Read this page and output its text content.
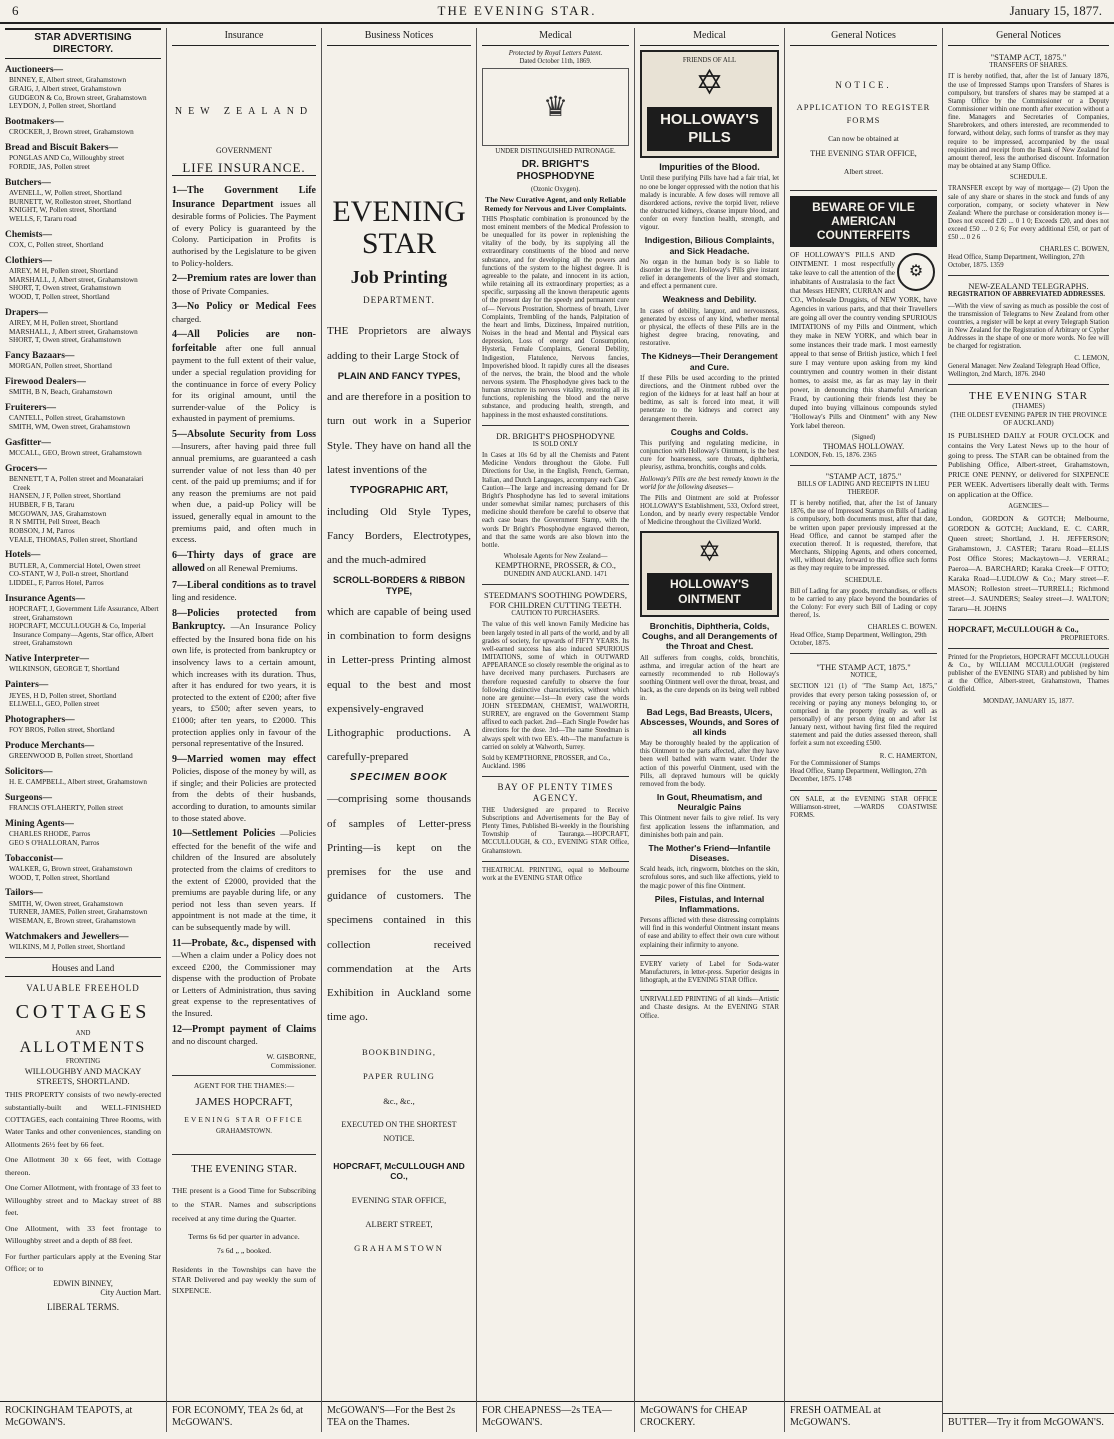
6	THE EVENING STAR.	January 15, 1877.
STAR ADVERTISING DIRECTORY.
Auctioneers—
BINNEY, E, Albert street, Grahamstown
GRAIG, J, Albert street, Grahamstown
GUDGEON & Co, Brown street, Grahamstown
LEYDON, J, Pollen street, Shortland
Bootmakers—
CROCKER, J, Brown street, Grahamstown
Bread and Biscuit Bakers—
PONGLAS AND Co, Willoughby street
FORDIE, JAS, Pollen street
Butchers—
AVENELL, W, Pollen street, Shortland
BURNETT, W, Rolleston street, Shortland
KNIGHT, W, Pollen street, Shortland
WELLS, F, Tararu road
Chemists—
COX, C, Pollen street, Shortland
Clothiers—
AIREY, M H, Pollen street, Shortland
MARSHALL, J, Albert street, Grahamstown
SHORT, T, Owen street, Grahamstown
WOOD, T, Pollen street, Shortland
Drapers—
AIREY, M H, Pollen street, Shortland
MARSHALL, J, Albert street, Grahamstown
SHORT, T, Owen street, Grahamstown
Fancy Bazaars—
MORGAN, Pollen street, Shortland
Firewood Dealers—
SMITH, B N, Beach, Grahamstown
Fruiterers—
CANTELL, Pollen street, Grahamstown
SMITH, WM, Owen street, Grahamstown
Gasfitter—
MCCALL, GEO, Brown street, Grahamstown
Grocers—
BENNETT, T A, Pollen street and Moanataiari Creek
HANSEN, J F, Pollen street, Shortland
HUBBER, F B, Tararu
MCGOWAN, JAS, Grahamstown
R N SMITH, Pell Street, Beach
ROBSON, J M, Parros
VEALE, THOMAS, Pollen street, Shortland
Hotels—
BUTLER, A, Commercial Hotel, Owen street
CO-STANT, W J, Poll-n street, Shortland
LIDDEL, F, Parros Hotel, Parros
Insurance Agents—
HOPCRAFT, J, Government Life Assurance, Albert street, Grahamstown
HOPCRAFT, MCCULLOUGH & Co, Imperial Insurance Company—Agents, Star office, Albert street, Grahamstown
Native Interpreter—
WILKINSON, GEORGE T, Shortland
Painters—
JEYES, H D, Pollen street, Shortland
ELLWELL, GEO, Pollen street
Photographers—
FOY BROS, Pollen street, Shortland
Produce Merchants—
GREENWOOD B, Pollen street, Shortland
Solicitors—
H. E. CAMPBELL, Albert street, Grahamstown
Surgeons—
FRANCIS O'FLAHERTY, Pollen street
Mining Agents—
CHARLES RHODE, Parros
GEO S O'HALLORAN, Parros
Tobacconist—
WALKER, G, Brown street, Grahamstown
WOOD, T, Pollen street, Shortland
Tailors—
SMITH, W, Owen street, Grahamstown
TURNER, JAMES, Pollen street, Grahamstown
WISEMAN, E, Brown street, Grahamstown
Watchmakers and Jewellers—
WILKINS, M J, Pollen street, Shortland
Houses and Land
VALUABLE FREEHOLD
COTTAGES
AND
ALLOTMENTS
FRONTING
WILLOUGHBY AND MACKAY
STREETS, SHORTLAND.

THIS PROPERTY consists of two newly-erected substantially-built and WELL-FINISHED COTTAGES, each containing Three Rooms, with Water Tanks and other conveniences, standing on Allotments 26½ feet by 66 feet.

One Allotment 30 x 66 feet, with Cottage thereon.

One Corner Allotment, with frontage of 33 feet to Willoughby street and to Mackay street of 88 feet.

One Allotment, with 33 feet frontage to Willoughby street and a depth of 88 feet.

For further particulars apply at the Evening Star Office; or to

EDWIN BINNEY,
City Auction Mart.
LIBERAL TERMS.
ROCKINGHAM TEAPOTS, at McGOWAN'S.
Insurance
NEW ZEALAND
GOVERNMENT
LIFE INSURANCE.

1—The Government Life Insurance Department issues all desirable forms of Policies. The Payment of every Policy is guaranteed by the Colony. Participation in Profits is authorised by the Legislature to be given to Policy-holders.

2—Premium rates are lower than those of Private Companies.

3—No Policy or Medical Fees charged.

4—All Policies are non-forfeitable after one full annual payment to the full extent of their value, under a special regulation providing for the continuance in force of every Policy for its original amount, until the surrender-value of the Policy is exhausted in payment of premiums.

5—Absolute Security from Loss —Insurers, after having paid three full annual premiums, are guaranteed a cash surrender value of not less than 40 per cent. of the paid up premiums; and if for any reason the premiums are not paid when due, a paid-up Policy will be issued, generally equal in amount to the premiums paid, and often much in excess.

6—Thirty days of grace are allowed on all Renewal Premiums.

7—Liberal conditions as to travel ling and residence.

8—Policies protected from Bankruptcy. —An Insurance Policy effected by the Insured bona fide on his own life, is protected from bankruptcy or insolvency laws to a certain amount, which increases with its duration. Thus, after it has endured for two years, it is protected to the extent of £200; after five years, to £500; after seven years, to £1000; after ten years, to £2000. This protection applies only in favour of the personal representative of the Insured.

9—Married women may effect Policies, dispose of the money by will, as if single; and their Policies are protected from the debts of their husbands, according to duration, to amounts similar to those stated above.

10—Settlement Policies —Policies effected for the benefit of the wife and children of the Insured are absolutely protected from the claims of creditors to the extent of £2000, provided that the premiums are payable during life, or any period not less than seven years. If appointment is not made at the time, it can be subsequently made by will.

11—Probate, &c., dispensed with —When a claim under a Policy does not exceed £200, the Commissioner may dispense with the production of Probate or Letters of Administration, thus saving great expense to the representatives of the Insured.

12—Prompt payment of Claims and no discount charged.

W. GISBORNE,
Commissioner.
AGENT FOR THE THAMES:—
JAMES HOPCRAFT,
EVENING STAR OFFICE
GRAHAMSTOWN.
THE EVENING STAR.

THE present is a Good Time for Subscribing to the STAR. Names and subscriptions received at any time during the Quarter.

Terms 6s 6d per quarter in advance.
7s 6d „ „ booked.

Residents in the Townships can have the STAR Delivered and pay weekly the sum of SIXPENCE.

FOR ECONOMY, TEA 2s 6d, at McGOWAN'S.
Business Notices
EVENING STAR
Job Printing
DEPARTMENT.

THE Proprietors are always adding to their Large Stock of

PLAIN AND FANCY TYPES,

and are therefore in a position to turn out work in a Superior Style. They have on hand all the latest inventions of the

TYPOGRAPHIC ART,

including Old Style Types, Fancy Borders, Electrotypes, and the much-admired

SCROLL-BORDERS & RIBBON TYPE,

which are capable of being used in combination to form designs in Letter-press Printing almost equal to the best and most expensively-engraved Lithographic productions. A carefully-prepared

SPECIMEN BOOK

—comprising some thousands of samples of Letter-press Printing—is kept on the premises for the use and guidance of customers. The specimens contained in this collection received commendation at the Arts Exhibition in Auckland some time ago.

BOOKBINDING,
PAPER RULING
&c., &c.,
EXECUTED ON THE SHORTEST NOTICE.
HOPCRAFT, McCULLOUGH AND CO.,
EVENING STAR OFFICE,
ALBERT STREET,
GRAHAMSTOWN
McGOWAN'S—For the Best 2s TEA on the Thames.
Medical
Protected by Royal Letters Patent.
Dated October 11th, 1869.
♛
UNDER DISTINGUISHED PATRONAGE.
DR. BRIGHT'S PHOSPHODYNE
(Ozonic Oxygen).
The New Curative Agent, and only Reliable Remedy for Nervous and Liver Complaints.

THIS Phosphatic combination is pronounced by the most eminent members of the Medical Profession to be unequalled for its power in replenishing the vitality of the body, by its supplying all the extraordinary constituents of the blood and nerve substance, and for developing all the powers and functions of the system to the highest degree. It is agreeable to the palate, and innocent in its action, while retaining all its extraordinary properties; as a specific, surpassing all the known therapeutic agents of the present day for the speedy and permanent cure of— Nervous Prostration, Shortness of breath, Liver Complaints, Trembling of the hands, Palpitation of the heart and limbs, Dizziness, Impaired nutrition, Noises in the head and Mental and Physical ears depression, Loss of energy and Consumption, Hysteria, Female Complaints, General Debility, Indigestion, Flatulence, Nervous fancies, Impoverished blood. It rapidly cures all the diseases of the nerves, the brain, the blood and the whole nervous system. The Phosphodyne gives back to the human structure its nervous vitality, restoring all its functions, replenishing the blood and the nerve substance, and producing health, strength, and happiness in the most exhausted constitutions.

DR. BRIGHT'S PHOSPHODYNE
IS SOLD ONLY

In Cases at 10s 6d by all the Chemists and Patent Medicine Vendors throughout the Globe. Full Directions for Use, in the English, French, German, Italian, and Dutch Languages, accompany each Case. Caution—The large and increasing demand for Dr Bright's Phosphodyne has led to several imitations under somewhat similar names; purchasers of this medicine should therefore be careful to observe that each case bears the Government Stamp, with the words Dr Bright's Phosphodyne engraved thereon, and that the same words are also blown into the bottle.

Wholesale Agents for New Zealand—
KEMPTHORNE, PROSSER, & CO.,
DUNEDIN AND AUCKLAND. 1471
STEEDMAN'S SOOTHING POWDERS, FOR CHILDREN CUTTING TEETH.
CAUTION TO PURCHASERS.

The value of this well known Family Medicine has been largely tested in all parts of the world, and by all grades of society, for upwards of FIFTY YEARS. Its well-earned success has also induced SPURIOUS IMITATIONS, some of which in OUTWARD APPEARANCE so closely resemble the original as to have deceived many purchasers. Purchasers are therefore requested carefully to observe the four following distinctive characteristics, without which none are genuine:—1st—In every case the words JOHN STEEDMAN, CHEMIST, WALWORTH, SURREY, are engraved on the Government Stamp affixed to each packet. 2nd—Each Single Powder has directions for the dose. 3rd—The name Steedman is always spelt with two EE's. 4th—The manufacture is carried on solely at Walworth, Surrey.

Sold by KEMPTHORNE, PROSSER, and Co., Auckland. 1986
BAY OF PLENTY TIMES AGENCY.

THE Undersigned are prepared to Receive Subscriptions and Advertisements for the Bay of Plenty Times, Published Bi-weekly in the flourishing Township of Tauranga.—HOPCRAFT, MCCULLOUGH, & CO., EVENING STAR Office, Grahamstown.

THEATRICAL PRINTING, equal to Melbourne work at the EVENING STAR Office

FOR CHEAPNESS—2s TEA—McGOWAN'S.
Medical
FRIENDS OF ALL
✡
HOLLOWAY'S PILLS
Impurities of the Blood.

Until these purifying Pills have had a fair trial, let no one be longer oppressed with the notion that his malady is incurable. A few doses will remove all disordered actions, revive the torpid liver, relieve the obstructed kidneys, cleanse impure blood, and confer on every function health, strength, and vigour.

Indigestion, Bilious Complaints, and Sick Headache.

No organ in the human body is so liable to disorder as the liver. Holloway's Pills give instant relief in derangements of the liver and stomach, and effect a permanent cure.

Weakness and Debility.

In cases of debility, languor, and nervousness, generated by excess of any kind, whether mental or physical, the effects of these Pills are in the highest degree bracing, renovating, and restorative.

The Kidneys—Their Derangement and Cure.

If these Pills be used according to the printed directions, and the Ointment rubbed over the region of the kidneys for at least half an hour at bedtime, as salt is forced into meat, it will penetrate to the kidneys and correct any derangement therein.

Coughs and Colds.

This purifying and regulating medicine, in conjunction with Holloway's Ointment, is the best cure for hoarseness, sore throats, diphtheria, pleurisy, asthma, bronchitis, coughs and colds.

Holloway's Pills are the best remedy known in the world for the following diseases—

The Pills and Ointment are sold at Professor HOLLOWAY'S Establishment, 533, Oxford street, London, and by nearly every respectable Vendor of Medicine throughout the Civilized World.

✡
HOLLOWAY'S OINTMENT
Bronchitis, Diphtheria, Colds, Coughs, and all Derangements of the Throat and Chest.

All sufferers from coughs, colds, bronchitis, asthma, and irregular action of the heart are earnestly recommended to rub Holloway's soothing Ointment well over the throat, breast, and back, as the cure depends on its being well rubbed in.

Bad Legs, Bad Breasts, Ulcers, Abscesses, Wounds, and Sores of all kinds

May be thoroughly healed by the application of this Ointment to the parts affected, after they have been well bathed with warm water. Under the action of this powerful Ointment, used with the Pills, all depraved humours will be quickly removed from the body.

In Gout, Rheumatism, and Neuralgic Pains

This Ointment never fails to give relief. Its very first application lessens the inflammation, and diminishes both pain and pain.

The Mother's Friend—Infantile Diseases.

Scald heads, itch, ringworm, blotches on the skin, scrofulous sores, and such like affections, yield to the magic power of this fine Ointment.

Piles, Fistulas, and Internal Inflammations.

Persons afflicted with these distressing complaints will find in this wonderful Ointment instant means of ease and ability to effect their own cure without explaining their infirmity to anyone.

EVERY variety of Label for Soda-water Manufacturers, in letter-press. Superior designs in lithograph, at the EVENING STAR Office.

UNRIVALLED PRINTING of all kinds—Artistic and Chaste designs. At the EVENING STAR Office.

McGOWAN'S for CHEAP CROCKERY.
General Notices
NOTICE.
APPLICATION TO REGISTER FORMS
Can now be obtained at
THE EVENING STAR OFFICE,
Albert street.
BEWARE OF VILE AMERICAN COUNTERFEITS
⚙

OF HOLLOWAY'S PILLS AND OINTMENT. I most respectfully take leave to call the attention of the inhabitants of Australasia to the fact that Messrs HENRY, CURRAN and CO., Wholesale Druggists, of NEW YORK, have Agencies in various parts, and that their Travellers are going all over the country vending SPURIOUS IMITATIONS of my Pills and Ointment, which they make in NEW YORK, and which bear in some instances their trade mark. I most earnestly appeal to that sense of British justice, which I feel sure I may venture upon asking from my kind countrymen and country women in their distant homes, to assist me, as far as may lay in their power, in denouncing this shameful American Fraud, by cautioning their friends lest they be duped into buying villainous compounds styled "Holloway's Pills and Ointment" with any New York label thereon.

(Signed)
THOMAS HOLLOWAY.
LONDON, Feb. 15, 1876. 2365
"STAMP ACT, 1875."
BILLS OF LADING AND RECEIPTS IN LIEU THEREOF.

IT is hereby notified, that, after the 1st of January 1876, the use of Impressed Stamps on Bills of Lading is compulsory, both documents must, after that date, be written upon paper previously impressed at the Head Office, and cannot be stamped after the execution thereof. It is requested, therefore, that Merchants, Shipping Agents, and others concerned, will, without delay, forward to this office such forms as they may require to be impressed.

SCHEDULE.

Bill of Lading for any goods, merchandises, or effects to be carried to any place beyond the boundaries of the Colony: For every such Bill of Lading or copy thereof, 1s.

CHARLES C. BOWEN.
Head Office, Stamp Department, Wellington, 29th October, 1875.
"THE STAMP ACT, 1875."
NOTICE,

SECTION 121 (1) of "The Stamp Act, 1875," provides that every person taking possession of, or receiving or paying any moneys belonging to, or comprised in the property (really as well as personally) of any person dying on and after 1st January next, without having first filed the required statement and paid the duties assessed thereon, shall forfeit a sum not exceeding £500.

R. C. HAMERTON,
For the Commissioner of Stamps
Head Office, Stamp Department, Wellington, 27th December, 1875. 1748

ON SALE, at the EVENING STAR OFFICE Williamson-street, —WARDS COASTWISE FORMS.

FRESH OATMEAL at McGOWAN'S.
General Notices
"STAMP ACT, 1875."
TRANSFERS OF SHARES.

IT is hereby notified, that, after the 1st of January 1876, the use of Impressed Stamps upon Transfers of Shares is compulsory, but transfers of shares may be stamped at a Stamp Office by the Commissioner or a Deputy Commissioner within one month after execution without a fine. Managers and Secretaries of Companies, Sharebrokers, and others interested, are recommended to forward, without delay, such forms of transfer as they may require to be impressed, accompanied by the usual requisition and receipt from the Bank of New Zealand for amount thereof, less the authorised discount. Information may be obtained at any Stamp Office.

SCHEDULE.

TRANSFER except by way of mortgage— (2) Upon the sale of any share or shares in the stock and funds of any corporation, company, or society whatever in New Zealand: Where the purchase or consideration money is— Does not exceed £20 ... 0 1 0; Exceeds £20, and does not exceed £50 ... 0 2 6; For every additional £50, or part of £50 ... 0 2 6

CHARLES C. BOWEN,
Head Office, Stamp Department, Wellington, 27th October, 1875. 1359
NEW-ZEALAND TELEGRAPHS.
REGISTRATION OF ABBREVIATED ADDRESSES.

—With the view of saving as much as possible the cost of the transmission of Telegrams to New Zealand from other countries, a register will be kept at every Telegraph Station in New Zealand for the Registration of Arbitrary or Cypher Addresses in the shape of one or more words. No fee will be charged for registration.

C. LEMON,
General Manager. New Zealand Telegraph Head Office, Wellington, 2nd March, 1876. 2040
THE EVENING STAR
(THAMES)
(THE OLDEST EVENING PAPER IN THE PROVINCE OF AUCKLAND)

IS PUBLISHED DAILY at FOUR O'CLOCK and contains the Very Latest News up to the hour of going to press. The STAR can be obtained from the Publishing Office, Albert-street, Grahamstown, PRICE ONE PENNY, or delivered for SIXPENCE PER WEEK. Advertisers liberally dealt with. Terms on application at the Office.

AGENCIES—

London, GORDON & GOTCH; Melbourne, GORDON & GOTCH; Auckland, E. C. CARR, Queen street; Shortland, J. H. JEFFERSON; Grahamstown, J. CASTER; Tararu Road—ELLIS Post Office Stores; Mackaytown—J. VERRAL; Paeroa—A. BARCHARD; Karaka Creek—F OTTO; Karaka Road—LUDLOW & Co.; Mary street—F. MASON; Rolleston street—TURRELL; Richmond street—J. SAUNDERS; Sealey street—J. WALTON; Tararu—H. JOHNS

HOPCRAFT, McCULLOUGH & Co.,
PROPRIETORS.

Printed for the Proprietors, HOPCRAFT MCCULLOUGH & Co., by WILLIAM MCCULLOUGH (registered publisher of the EVENING STAR) and published by him at the Office, Albert-street, Grahamstown, Thames Goldfield.

MONDAY, JANUARY 15, 1877.
BUTTER—Try it from McGOWAN'S.
